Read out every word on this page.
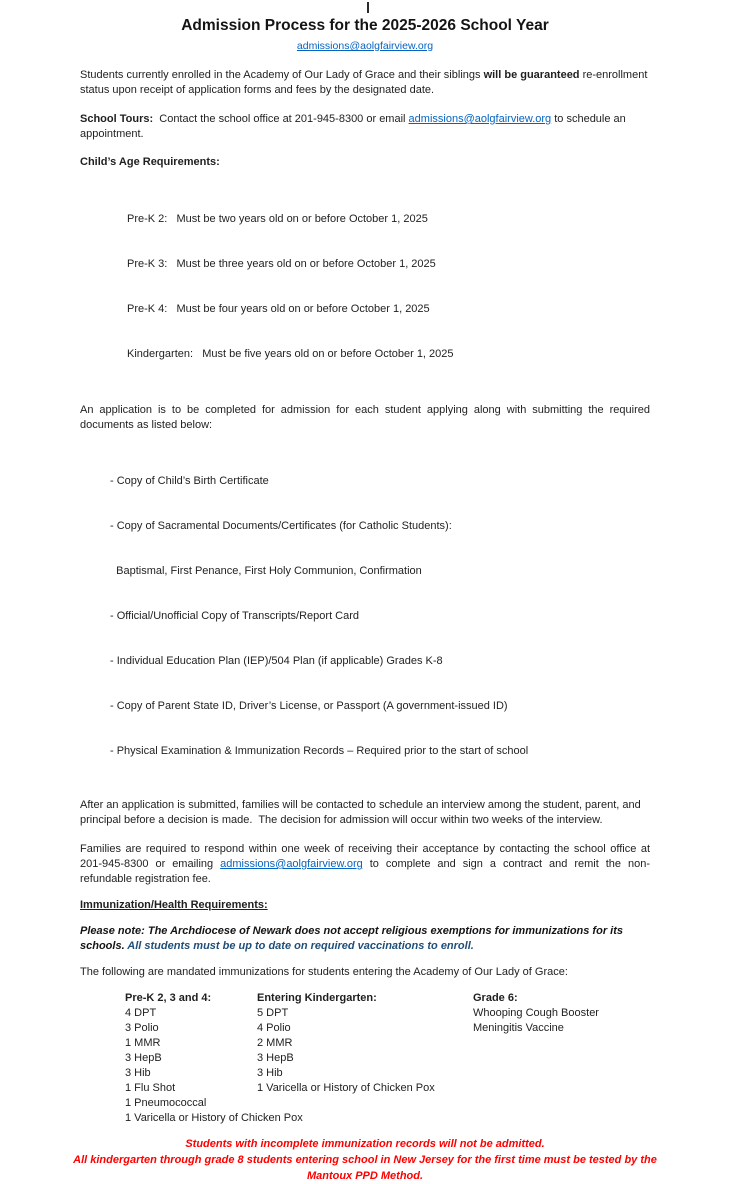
Admission Process for the 2025-2026 School Year
admissions@aolgfairview.org

Students currently enrolled in the Academy of Our Lady of Grace and their siblings will be guaranteed re-enrollment status upon receipt of application forms and fees by the designated date.

School Tours:  Contact the school office at 201-945-8300 or email admissions@aolgfairview.org to schedule an appointment.

Child’s Age Requirements:

Pre-K 2:   Must be two years old on or before October 1, 2025

Pre-K 3:   Must be three years old on or before October 1, 2025

Pre-K 4:   Must be four years old on or before October 1, 2025

Kindergarten:   Must be five years old on or before October 1, 2025

An application is to be completed for admission for each student applying along with submitting the required documents as listed below:

- Copy of Child’s Birth Certificate

- Copy of Sacramental Documents/Certificates (for Catholic Students):

Baptismal, First Penance, First Holy Communion, Confirmation

- Official/Unofficial Copy of Transcripts/Report Card

- Individual Education Plan (IEP)/504 Plan (if applicable) Grades K-8

- Copy of Parent State ID, Driver’s License, or Passport (A government-issued ID)

- Physical Examination & Immunization Records – Required prior to the start of school

After an application is submitted, families will be contacted to schedule an interview among the student, parent, and principal before a decision is made.  The decision for admission will occur within two weeks of the interview.

Families are required to respond within one week of receiving their acceptance by contacting the school office at 201-945-8300 or emailing admissions@aolgfairview.org to complete and sign a contract and remit the non-refundable registration fee.

Immunization/Health Requirements:

Please note: The Archdiocese of Newark does not accept religious exemptions for immunizations for its schools. All students must be up to date on required vaccinations to enroll.

The following are mandated immunizations for students entering the Academy of Our Lady of Grace:

Pre-K 2, 3 and 4:
4 DPT
3 Polio
1 MMR
3 HepB
3 Hib
1 Flu Shot
1 Pneumococcal
1 Varicella or History of Chicken Pox
Entering Kindergarten:
5 DPT
4 Polio
2 MMR
3 HepB
3 Hib
1 Varicella or History of Chicken Pox
Grade 6:
Whooping Cough Booster
Meningitis Vaccine
Students with incomplete immunization records will not be admitted.
All kindergarten through grade 8 students entering school in New Jersey for the first time must be tested by the Mantoux PPD Method.
